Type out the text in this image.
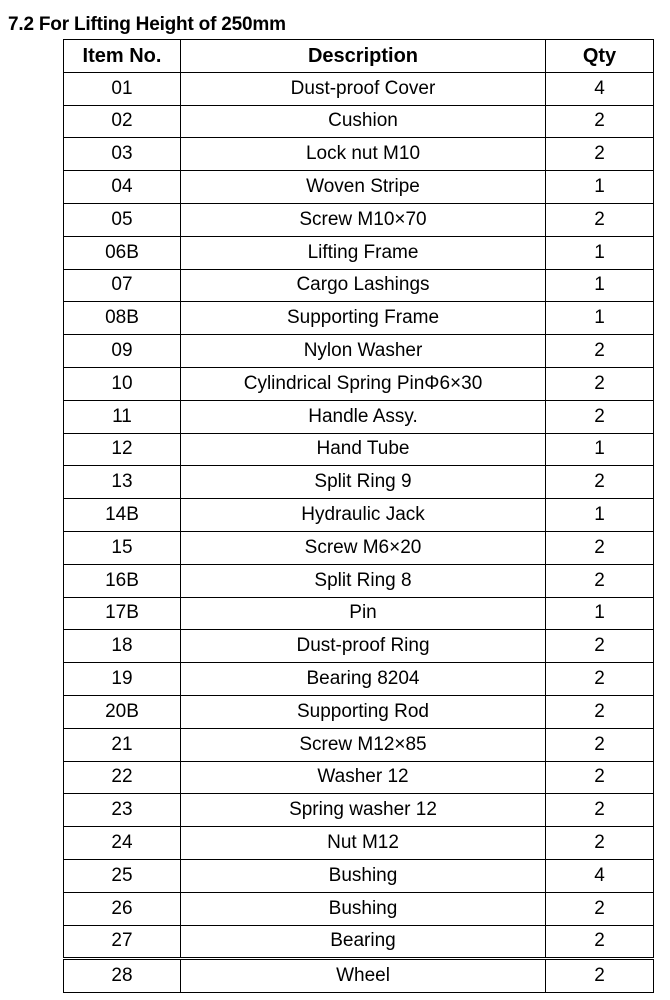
7.2 For Lifting Height of 250mm
Item No.	Description	Qty
01	Dust-proof Cover	4
02	Cushion	2
03	Lock nut M10	2
04	Woven Stripe	1
05	Screw M10×70	2
06B	Lifting Frame	1
07	Cargo Lashings	1
08B	Supporting Frame	1
09	Nylon Washer	2
10	Cylindrical Spring PinΦ6×30	2
11	Handle Assy.	2
12	Hand Tube	1
13	Split Ring 9	2
14B	Hydraulic Jack	1
15	Screw M6×20	2
16B	Split Ring 8	2
17B	Pin	1
18	Dust-proof Ring	2
19	Bearing 8204	2
20B	Supporting Rod	2
21	Screw M12×85	2
22	Washer 12	2
23	Spring washer 12	2
24	Nut M12	2
25	Bushing	4
26	Bushing	2
27	Bearing	2
28	Wheel	2
